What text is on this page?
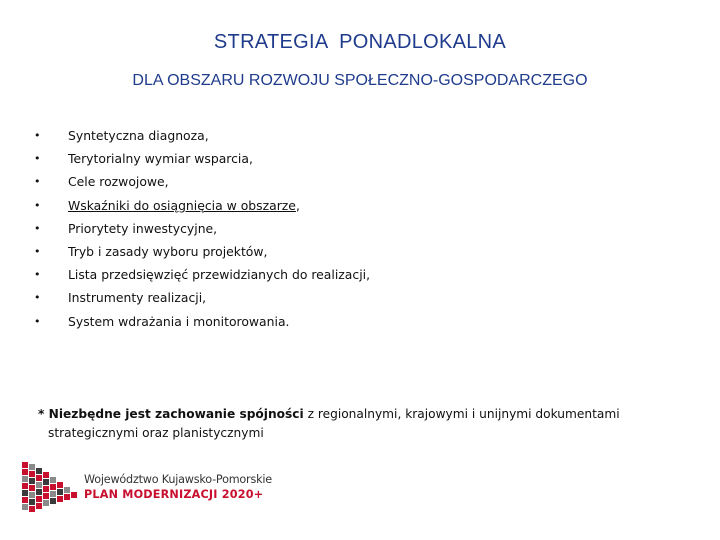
STRATEGIA  PONADLOKALNA
DLA OBSZARU ROZWOJU SPOŁECZNO-GOSPODARCZEGO
•	Syntetyczna diagnoza,
•	Terytorialny wymiar wsparcia,
•	Cele rozwojowe,
•	Wskaźniki do osiągnięcia w obszarze ,
•	Priorytety inwestycyjne,
•	Tryb i zasady wyboru projektów,
•	Lista przedsięwzięć przewidzianych do realizacji,
•	Instrumenty realizacji,
•	System wdrażania i monitorowania.
* Niezbędne jest zachowanie spójności z regionalnymi, krajowymi i unijnymi dokumentami
strategicznymi oraz planistycznymi
Województwo Kujawsko-Pomorskie
PLAN MODERNIZACJI 2020+
